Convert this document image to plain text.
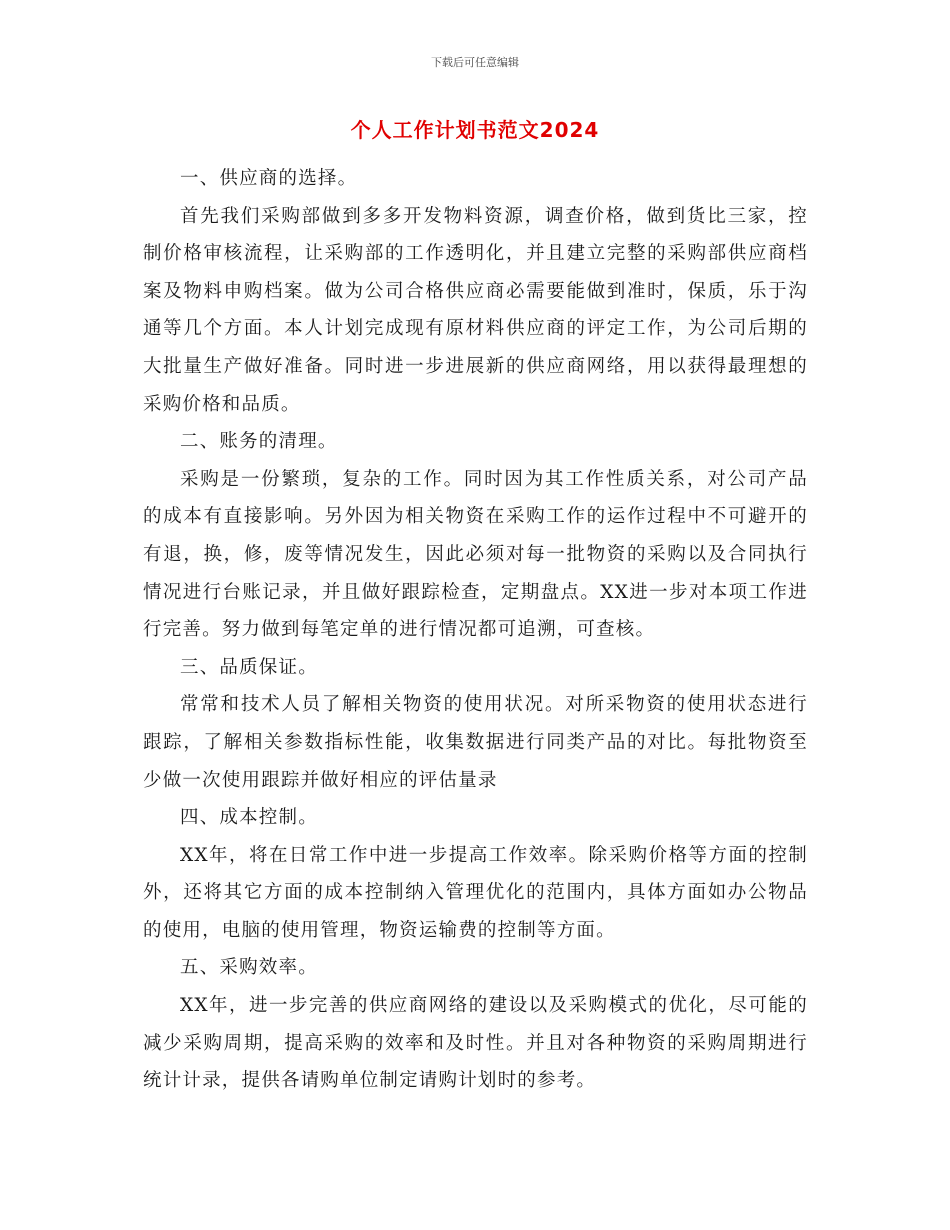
下载后可任意编辑
个人工作计划书范文2024

一、供应商的选择。

首先我们采购部做到多多开发物料资源，调查价格，做到货比三家，控制价格审核流程，让采购部的工作透明化，并且建立完整的采购部供应商档案及物料申购档案。做为公司合格供应商必需要能做到准时，保质，乐于沟通等几个方面。本人计划完成现有原材料供应商的评定工作，为公司后期的大批量生产做好准备。同时进一步进展新的供应商网络，用以获得最理想的采购价格和品质。

二、账务的清理。

采购是一份繁琐，复杂的工作。同时因为其工作性质关系，对公司产品的成本有直接影响。另外因为相关物资在采购工作的运作过程中不可避开的有退，换，修，废等情况发生，因此必须对每一批物资的采购以及合同执行情况进行台账记录，并且做好跟踪检查，定期盘点。XX进一步对本项工作进行完善。努力做到每笔定单的进行情况都可追溯，可查核。

三、品质保证。

常常和技术人员了解相关物资的使用状况。对所采物资的使用状态进行跟踪，了解相关参数指标性能，收集数据进行同类产品的对比。每批物资至少做一次使用跟踪并做好相应的评估量录

四、成本控制。

XX年，将在日常工作中进一步提高工作效率。除采购价格等方面的控制外，还将其它方面的成本控制纳入管理优化的范围内，具体方面如办公物品的使用，电脑的使用管理，物资运输费的控制等方面。

五、采购效率。

XX年，进一步完善的供应商网络的建设以及采购模式的优化，尽可能的减少采购周期，提高采购的效率和及时性。并且对各种物资的采购周期进行统计计录，提供各请购单位制定请购计划时的参考。
